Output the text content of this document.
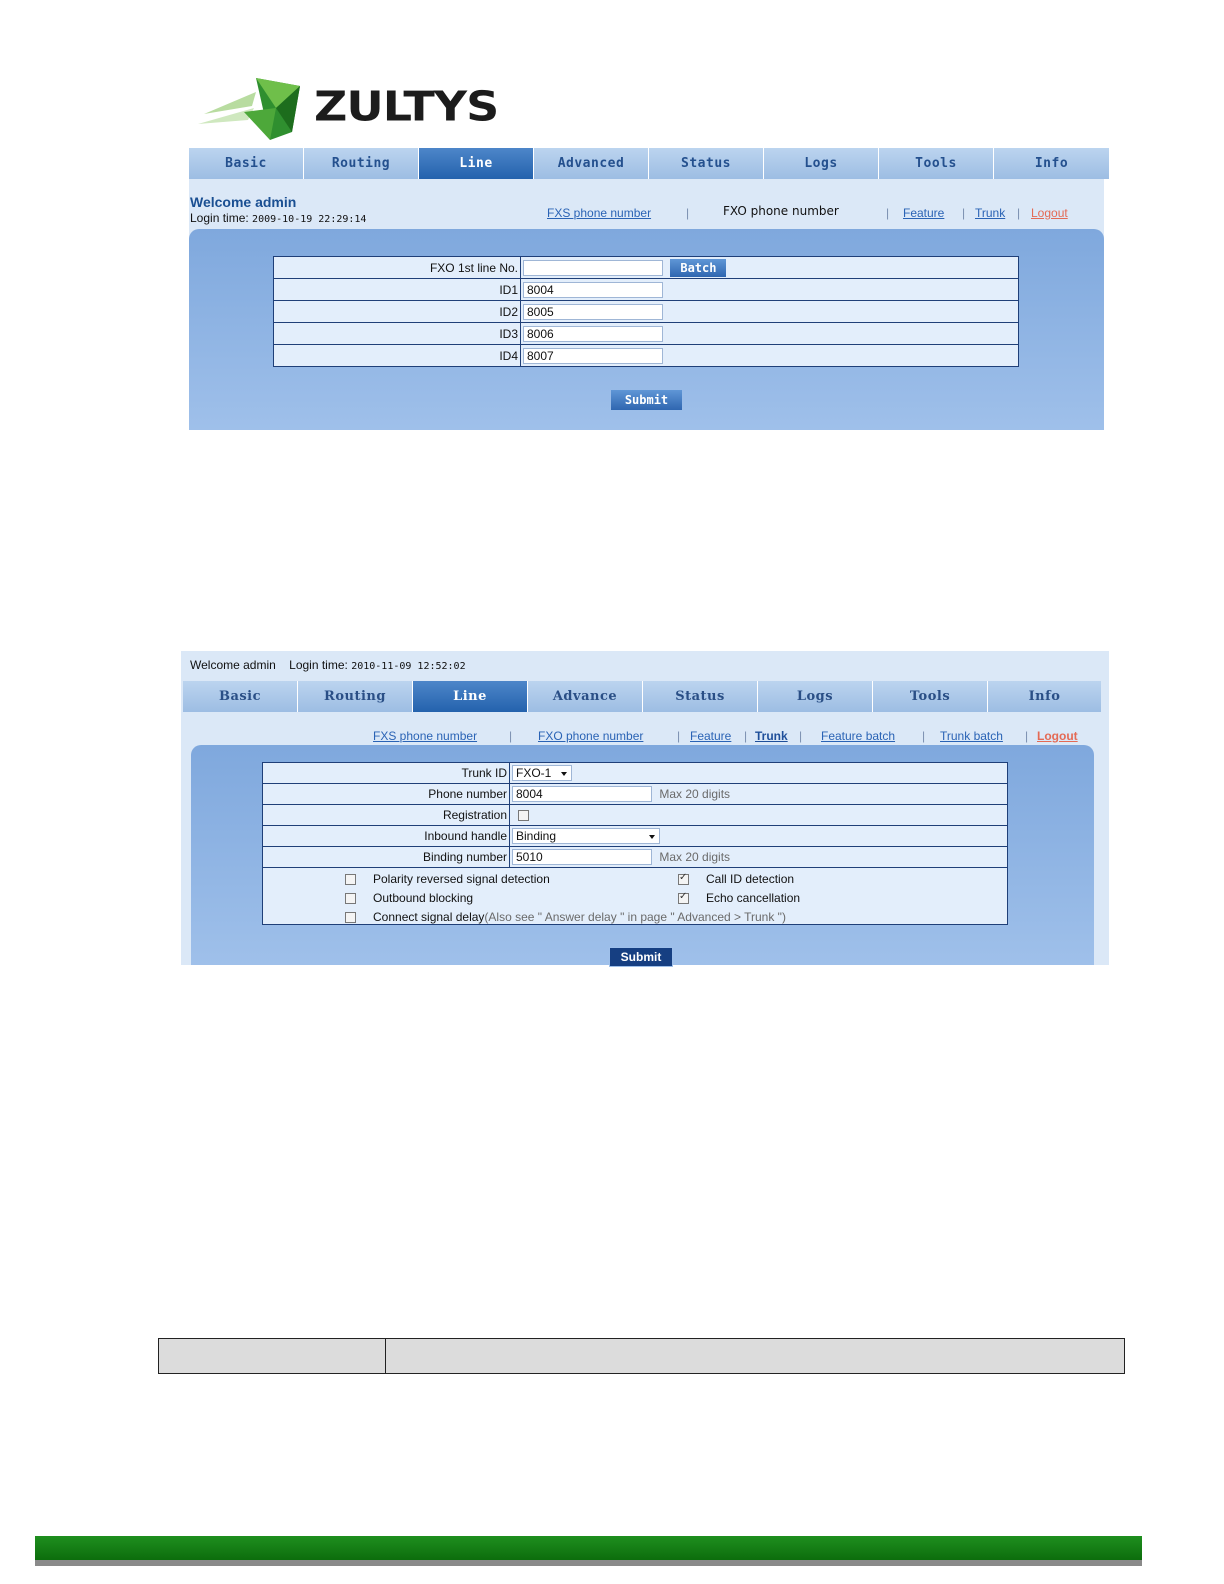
ZULTYS
Basic	Routing	Line	Advanced	Status	Logs	Tools	Info
Welcome admin
Login time: 2009-10-19 22:29:14	FXS phone number	|	FXO phone number	| Feature | Trunk | Logout
FXO 1st line No.	Batch
ID1	8004
ID2	8005
ID3	8006
ID4	8007
Submit
Welcome admin Login time: 2010-11-09 12:52:02
Basic	Routing	Line	Advance	Status	Logs	Tools	Info
FXS phone number	| FXO phone number	| Feature | Trunk | Feature batch | Trunk batch | Logout
Trunk ID	FXO-1

Phone number	8004 Max 20 digits
Registration	
Inbound handle	Binding

Binding number	5010 Max 20 digits

Polarity reversed signal detection ✓ Call ID detection
Outbound blocking ✓ Echo cancellation
Connect signal delay(Also see " Answer delay " in page " Advanced > Trunk ")
Submit
